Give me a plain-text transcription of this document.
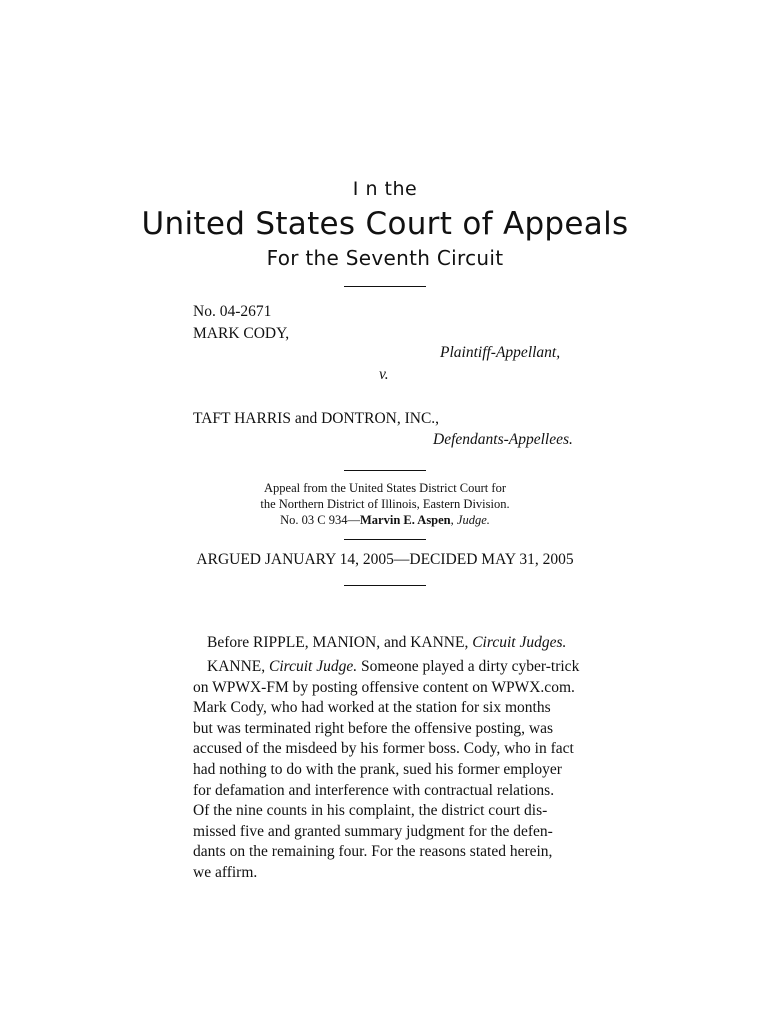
I n the
United States Court of Appeals
For the Seventh Circuit
No. 04-2671
MARK CODY,
Plaintiff-Appellant,
v.
TAFT HARRIS and DONTRON, INC.,
Defendants-Appellees.
Appeal from the United States District Court for
the Northern District of Illinois, Eastern Division.
No. 03 C 934—Marvin E. Aspen, Judge.
ARGUED JANUARY 14, 2005—DECIDED MAY 31, 2005
Before RIPPLE, MANION, and KANNE, Circuit Judges.
KANNE, Circuit Judge. Someone played a dirty cyber-trick
on WPWX-FM by posting offensive content on WPWX.com.
Mark Cody, who had worked at the station for six months
but was terminated right before the offensive posting, was
accused of the misdeed by his former boss. Cody, who in fact
had nothing to do with the prank, sued his former employer
for defamation and interference with contractual relations.
Of the nine counts in his complaint, the district court dis-
missed five and granted summary judgment for the defen-
dants on the remaining four. For the reasons stated herein,
we affirm.
